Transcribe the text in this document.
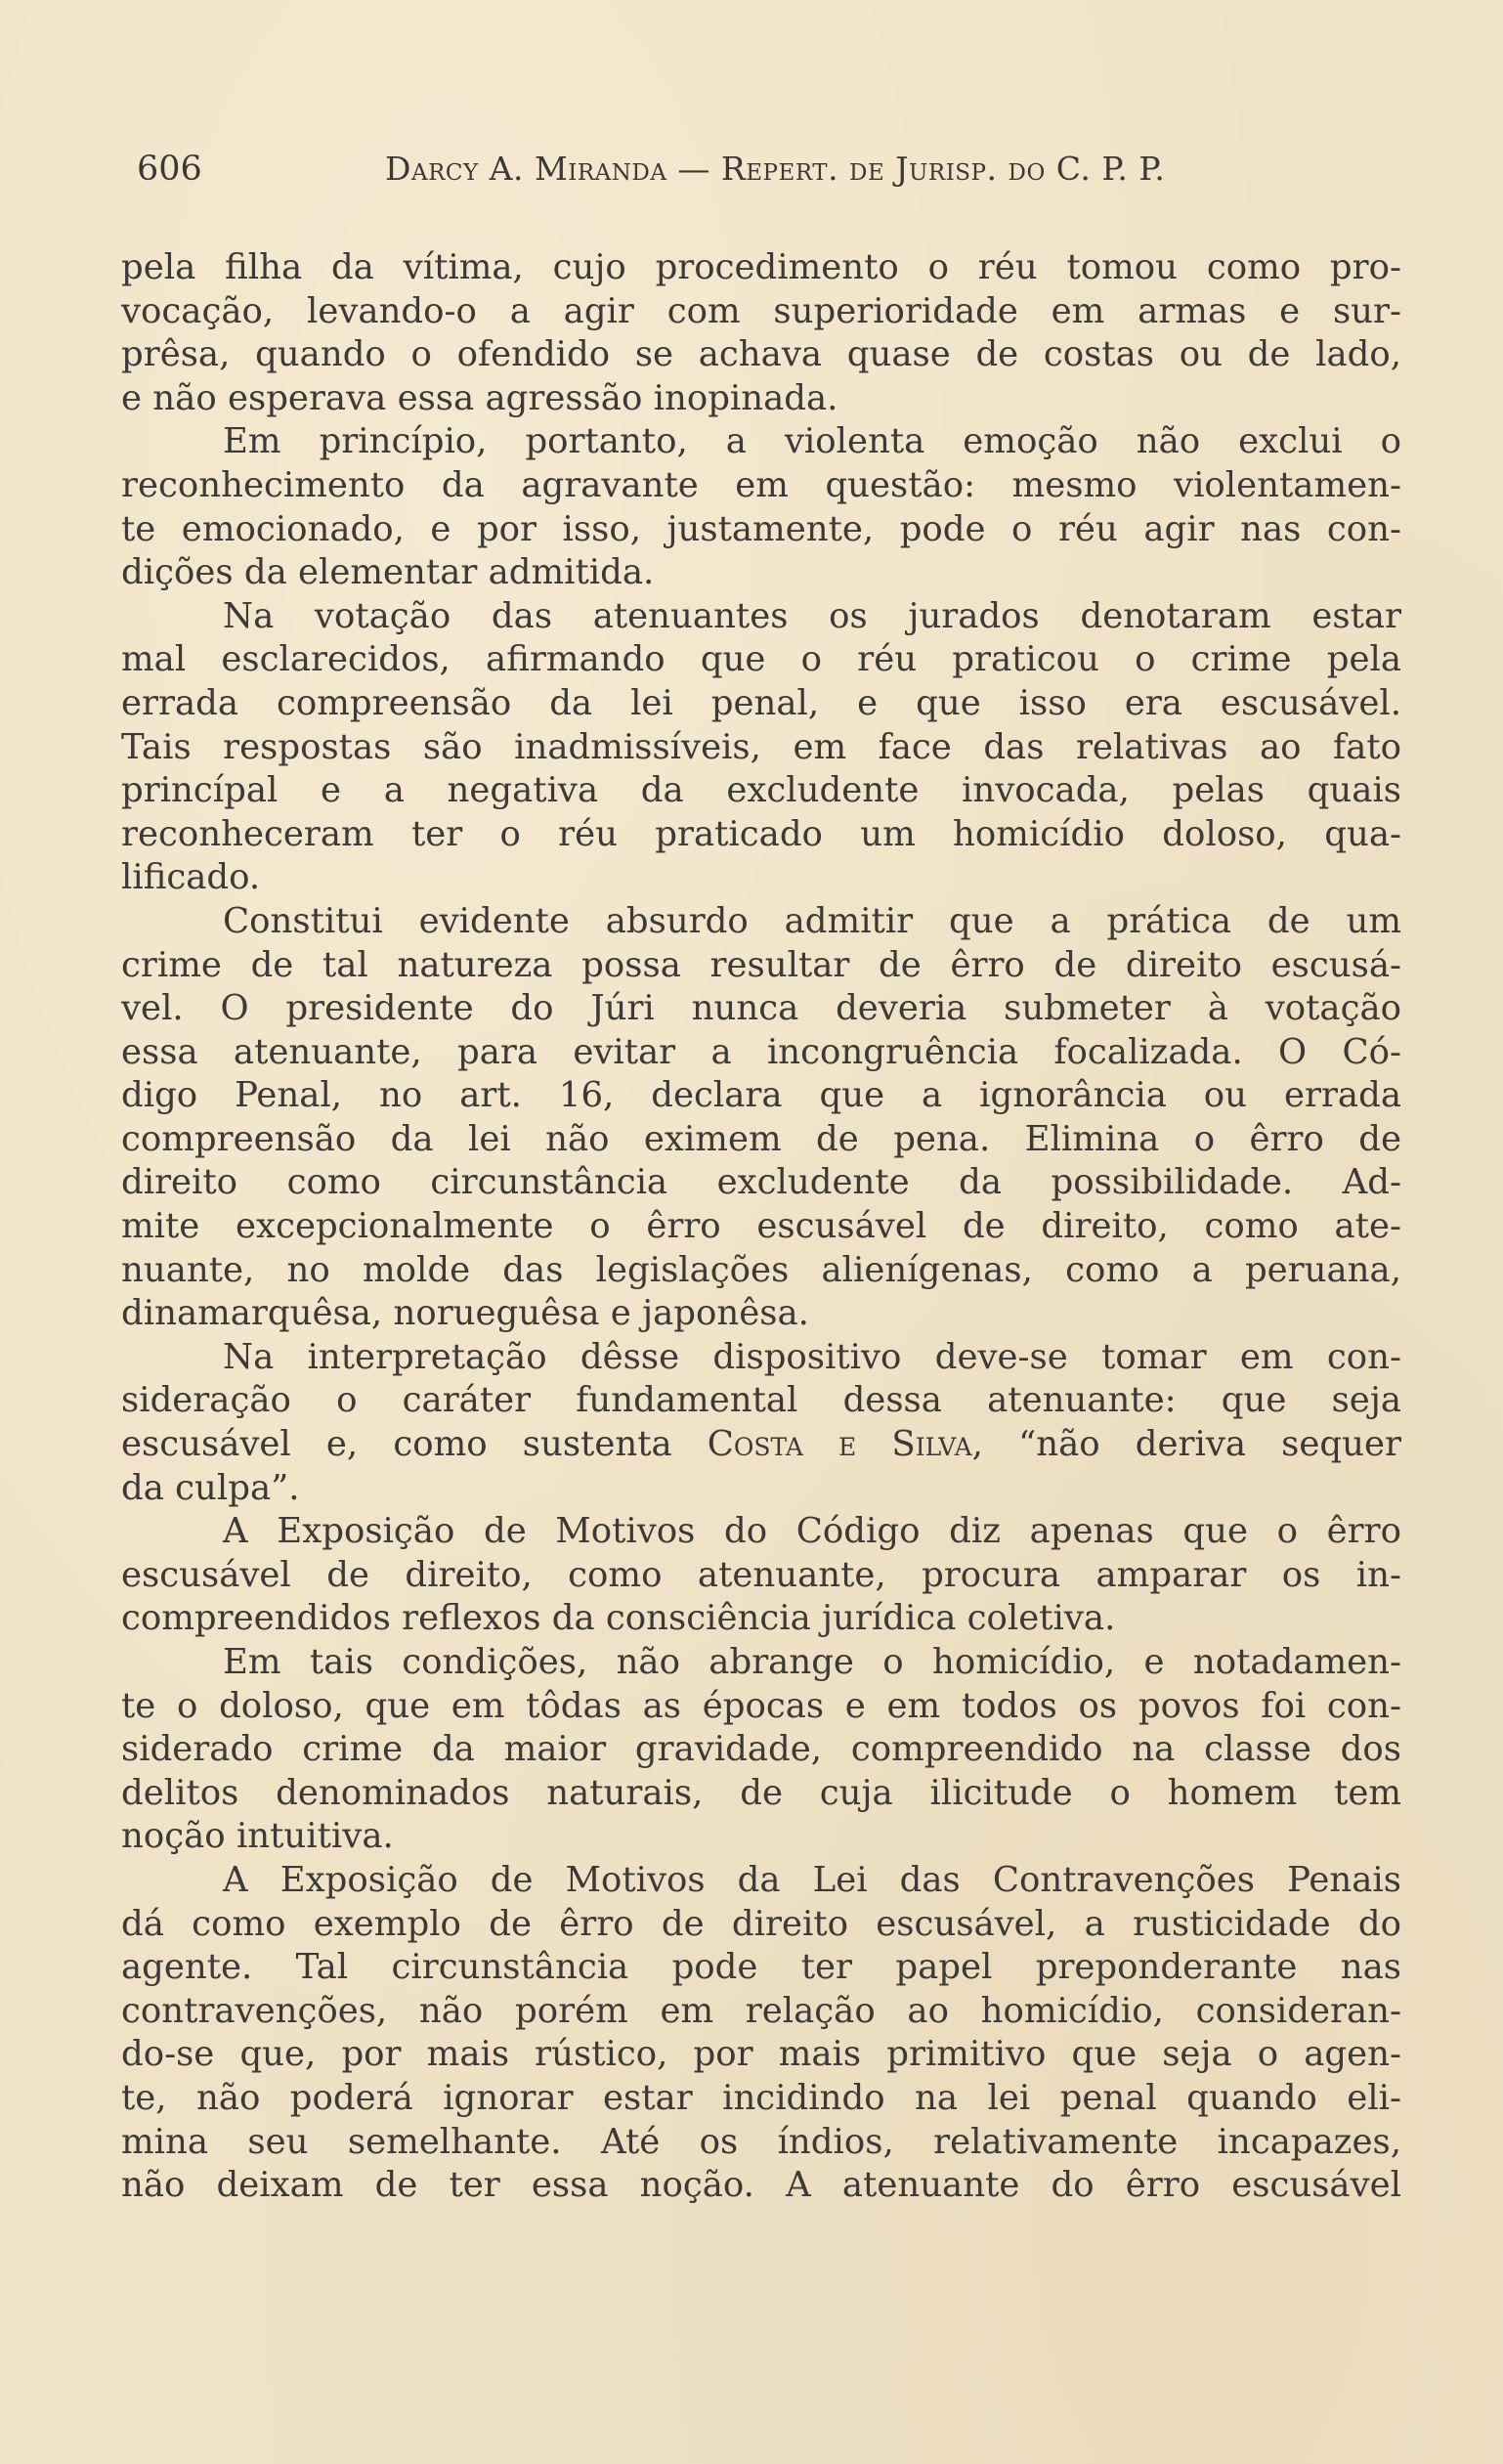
606	Darcy A. Miranda — Repert. de Jurisp. do C. P. P.
pela filha da vítima, cujo procedimento o réu tomou como pro-
vocação, levando-o a agir com superioridade em armas e sur-
prêsa, quando o ofendido se achava quase de costas ou de lado,
e não esperava essa agressão inopinada.
Em princípio, portanto, a violenta emoção não exclui o
reconhecimento da agravante em questão: mesmo violentamen-
te emocionado, e por isso, justamente, pode o réu agir nas con-
dições da elementar admitida.
Na votação das atenuantes os jurados denotaram estar
mal esclarecidos, afirmando que o réu praticou o crime pela
errada compreensão da lei penal, e que isso era escusável.
Tais respostas são inadmissíveis, em face das relativas ao fato
princípal e a negativa da excludente invocada, pelas quais
reconheceram ter o réu praticado um homicídio doloso, qua-
lificado.
Constitui evidente absurdo admitir que a prática de um
crime de tal natureza possa resultar de êrro de direito escusá-
vel. O presidente do Júri nunca deveria submeter à votação
essa atenuante, para evitar a incongruência focalizada. O Có-
digo Penal, no art. 16, declara que a ignorância ou errada
compreensão da lei não eximem de pena. Elimina o êrro de
direito como circunstância excludente da possibilidade. Ad-
mite excepcionalmente o êrro escusável de direito, como ate-
nuante, no molde das legislações alienígenas, como a peruana,
dinamarquêsa, norueguêsa e japonêsa.
Na interpretação dêsse dispositivo deve-se tomar em con-
sideração o caráter fundamental dessa atenuante: que seja
escusável e, como sustenta Costa e Silva, “não deriva sequer
da culpa”.
A Exposição de Motivos do Código diz apenas que o êrro
escusável de direito, como atenuante, procura amparar os in-
compreendidos reflexos da consciência jurídica coletiva.
Em tais condições, não abrange o homicídio, e notadamen-
te o doloso, que em tôdas as épocas e em todos os povos foi con-
siderado crime da maior gravidade, compreendido na classe dos
delitos denominados naturais, de cuja ilicitude o homem tem
noção intuitiva.
A Exposição de Motivos da Lei das Contravenções Penais
dá como exemplo de êrro de direito escusável, a rusticidade do
agente. Tal circunstância pode ter papel preponderante nas
contravenções, não porém em relação ao homicídio, consideran-
do-se que, por mais rústico, por mais primitivo que seja o agen-
te, não poderá ignorar estar incidindo na lei penal quando eli-
mina seu semelhante. Até os índios, relativamente incapazes,
não deixam de ter essa noção. A atenuante do êrro escusável
